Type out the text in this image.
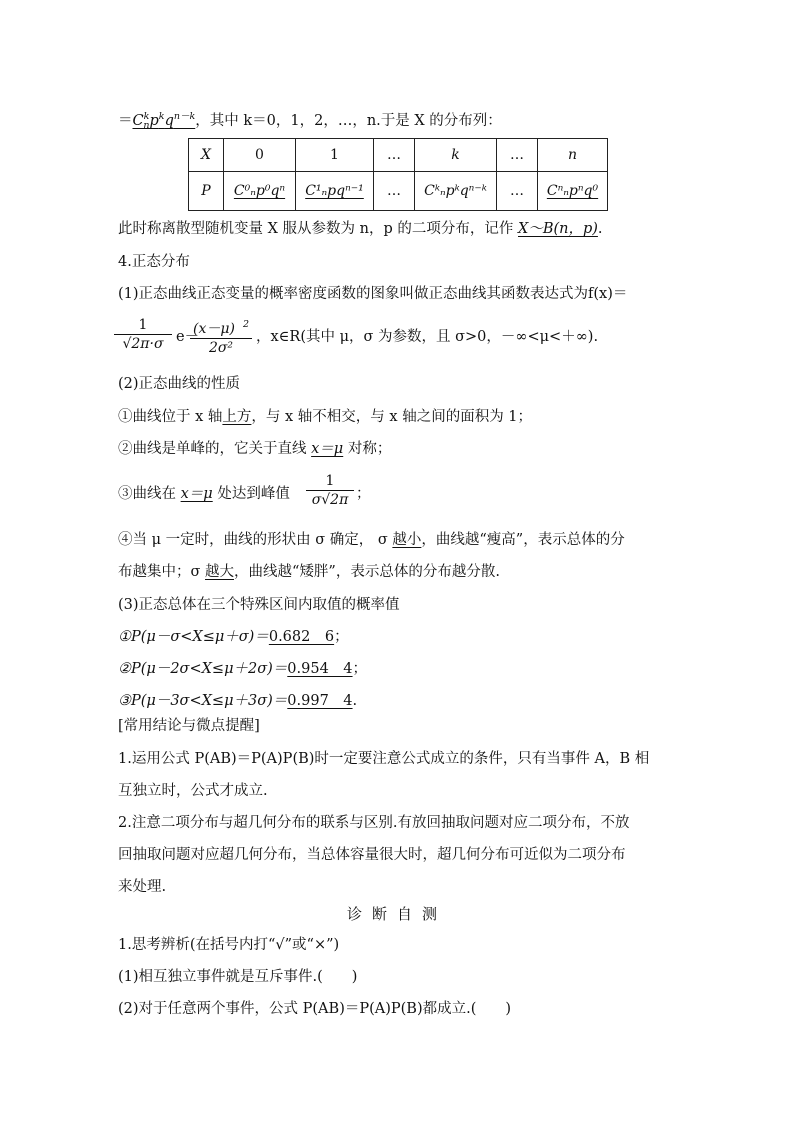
$=C^k_np^kq^{n-k}$，其中 k＝0，1，2，…，n.于是 X 的分布列：
X	0	1	…	k	…	n
P	C⁰ₙp⁰qⁿ	C¹ₙpqⁿ⁻¹	…	Cᵏₙpᵏqⁿ⁻ᵏ	…	Cⁿₙpⁿq⁰
此时称离散型随机变量 X 服从参数为 n，p 的二项分布，记作 X～B(n，p).
4.正态分布
(1)正态曲线正态变量的概率密度函数的图象叫做正态曲线其函数表达式为f(x)＝
1
√2π·σ e－
(x－μ) $^2$
2σ²
，x∈R(其中 μ，σ 为参数，且 σ>0，－∞<μ<＋∞).
(2)正态曲线的性质
①曲线位于 x 轴上方，与 x 轴不相交，与 x 轴之间的面积为 1；
②曲线是单峰的，它关于直线 x＝μ 对称；
③曲线在 x＝μ 处达到峰值
1
σ√2π ；
④当 μ 一定时，曲线的形状由 σ 确定， σ 越小，曲线越“瘦高”，表示总体的分
布越集中；σ 越大，曲线越“矮胖”，表示总体的分布越分散.
(3)正态总体在三个特殊区间内取值的概率值
①P(μ－σ<X≤μ＋σ)＝0.682　6；
②P(μ－2σ<X≤μ＋2σ)＝0.954　4；
③P(μ－3σ<X≤μ＋3σ)＝0.997　4.
[常用结论与微点提醒]
1.运用公式 P(AB)＝P(A)P(B)时一定要注意公式成立的条件，只有当事件 A，B 相
互独立时，公式才成立.
2.注意二项分布与超几何分布的联系与区别.有放回抽取问题对应二项分布，不放
回抽取问题对应超几何分布，当总体容量很大时，超几何分布可近似为二项分布
来处理.
诊断自测
1.思考辨析(在括号内打“√”或“×”)
(1)相互独立事件就是互斥事件.(　　)
(2)对于任意两个事件，公式 P(AB)＝P(A)P(B)都成立.(　　)
